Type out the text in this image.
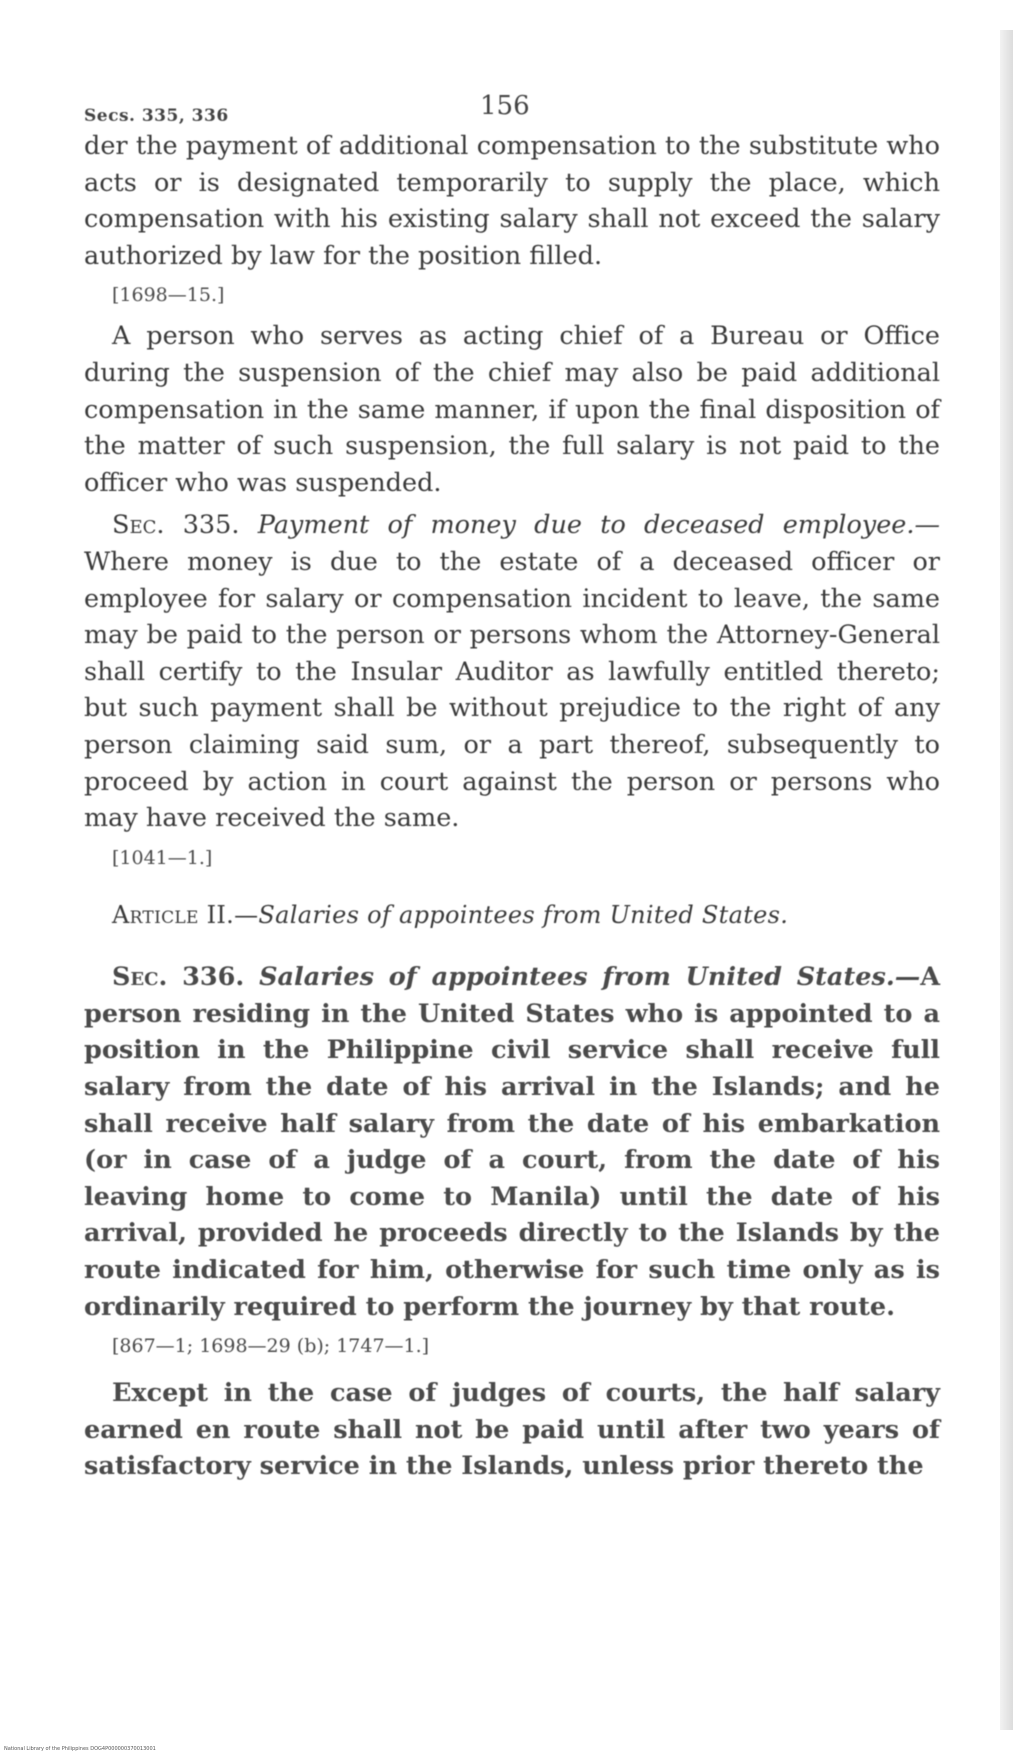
Secs. 335, 336	156

der the payment of additional compensation to the substitute who acts or is designated temporarily to supply the place, which compensation with his existing salary shall not exceed the salary authorized by law for the position filled.

[1698—15.]

A person who serves as acting chief of a Bureau or Office during the suspension of the chief may also be paid additional compensation in the same manner, if upon the final disposition of the matter of such suspension, the full salary is not paid to the officer who was suspended.

Sec. 335. Payment of money due to deceased employee.— Where money is due to the estate of a deceased officer or employee for salary or compensation incident to leave, the same may be paid to the person or persons whom the Attorney-General shall certify to the Insular Auditor as lawfully entitled thereto; but such payment shall be without prejudice to the right of any person claiming said sum, or a part thereof, subsequently to proceed by action in court against the person or persons who may have received the same.

[1041—1.]

Article II.—Salaries of appointees from United States.

Sec. 336. Salaries of appointees from United States.—A person residing in the United States who is appointed to a position in the Philippine civil service shall receive full salary from the date of his arrival in the Islands; and he shall receive half salary from the date of his embarkation (or in case of a judge of a court, from the date of his leaving home to come to Manila) until the date of his arrival, provided he proceeds directly to the Islands by the route indicated for him, otherwise for such time only as is ordinarily required to perform the journey by that route.

[867—1; 1698—29 (b); 1747—1.]

Except in the case of judges of courts, the half salary earned en route shall not be paid until after two years of satisfactory service in the Islands, unless prior thereto the

National Library of the Philippines DOG4P000000370013001
